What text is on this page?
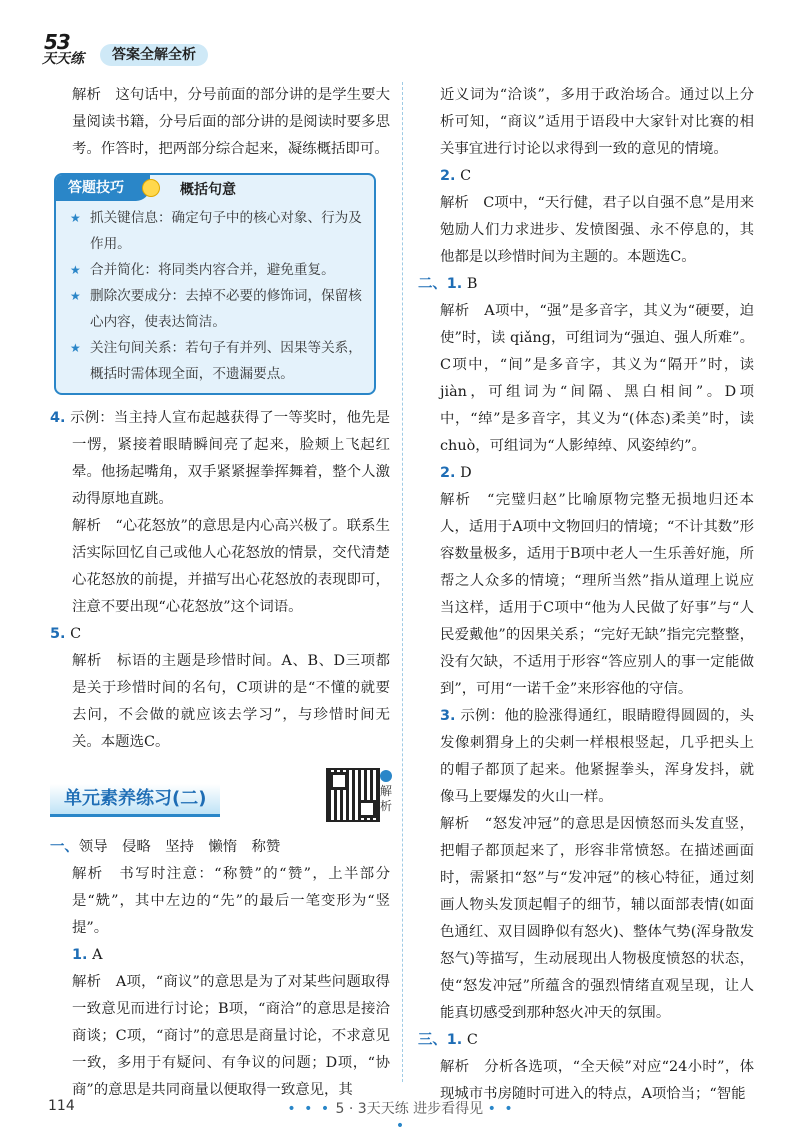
53
天天练	答案全解全析

解析　这句话中，分号前面的部分讲的是学生要大量阅读书籍，分号后面的部分讲的是阅读时要多思考。作答时，把两部分综合起来，凝练概括即可。

答题技巧	概括句意
★ 抓关键信息：确定句子中的核心对象、行为及作用。
★ 合并简化：将同类内容合并，避免重复。
★ 删除次要成分：去掉不必要的修饰词，保留核心内容，使表达简洁。
★ 关注句间关系：若句子有并列、因果等关系，概括时需体现全面，不遗漏要点。

4. 示例：当主持人宣布起越获得了一等奖时，他先是一愣，紧接着眼睛瞬间亮了起来，脸颊上飞起红晕。他扬起嘴角，双手紧紧握拳挥舞着，整个人激动得原地直跳。

解析　“心花怒放”的意思是内心高兴极了。联系生活实际回忆自己或他人心花怒放的情景，交代清楚心花怒放的前提，并描写出心花怒放的表现即可，注意不要出现“心花怒放”这个词语。

5. C

解析　标语的主题是珍惜时间。A、B、D三项都是关于珍惜时间的名句，C项讲的是“不懂的就要去问，不会做的就应该去学习”，与珍惜时间无关。本题选C。

单元素养练习(二)	解析

一、领导　侵略　坚持　懒惰　称赞

解析　书写时注意：“称赞”的“赞”，上半部分是“兟”，其中左边的“先”的最后一笔变形为“竖提”。

1. A

解析　A项，“商议”的意思是为了对某些问题取得一致意见而进行讨论；B项，“商洽”的意思是接洽商谈；C项，“商讨”的意思是商量讨论，不求意见一致，多用于有疑问、有争议的问题；D项，“协商”的意思是共同商量以便取得一致意见，其

近义词为“洽谈”，多用于政治场合。通过以上分析可知，“商议”适用于语段中大家针对比赛的相关事宜进行讨论以求得到一致的意见的情境。

2. C

解析　C项中，“天行健，君子以自强不息”是用来勉励人们力求进步、发愤图强、永不停息的，其他都是以珍惜时间为主题的。本题选C。

二、1. B

解析　A项中，“强”是多音字，其义为“硬要，迫使”时，读 qiǎng，可组词为“强迫、强人所难”。C项中，“间”是多音字，其义为“隔开”时，读 jiàn，可组词为“间隔、黑白相间”。D项中，“绰”是多音字，其义为“(体态)柔美”时，读 chuò，可组词为“人影绰绰、风姿绰约”。

2. D

解析　“完璧归赵”比喻原物完整无损地归还本人，适用于A项中文物回归的情境；“不计其数”形容数量极多，适用于B项中老人一生乐善好施，所帮之人众多的情境；“理所当然”指从道理上说应当这样，适用于C项中“他为人民做了好事”与“人民爱戴他”的因果关系；“完好无缺”指完完整整，没有欠缺，不适用于形容“答应别人的事一定能做到”，可用“一诺千金”来形容他的守信。

3. 示例：他的脸涨得通红，眼睛瞪得圆圆的，头发像刺猬身上的尖刺一样根根竖起，几乎把头上的帽子都顶了起来。他紧握拳头，浑身发抖，就像马上要爆发的火山一样。

解析　“怒发冲冠”的意思是因愤怒而头发直竖，把帽子都顶起来了，形容非常愤怒。在描述画面时，需紧扣“怒”与“发冲冠”的核心特征，通过刻画人物头发顶起帽子的细节，辅以面部表情(如面色通红、双目圆睁似有怒火)、整体气势(浑身散发怒气)等描写，生动展现出人物极度愤怒的状态，使“怒发冲冠”所蕴含的强烈情绪直观呈现，让人能真切感受到那种怒火冲天的氛围。

三、1. C

解析　分析各选项，“全天候”对应“24小时”，体现城市书房随时可进入的特点，A项恰当；“智能

114	• • • 5 · 3天天练 进步看得见 • • •
